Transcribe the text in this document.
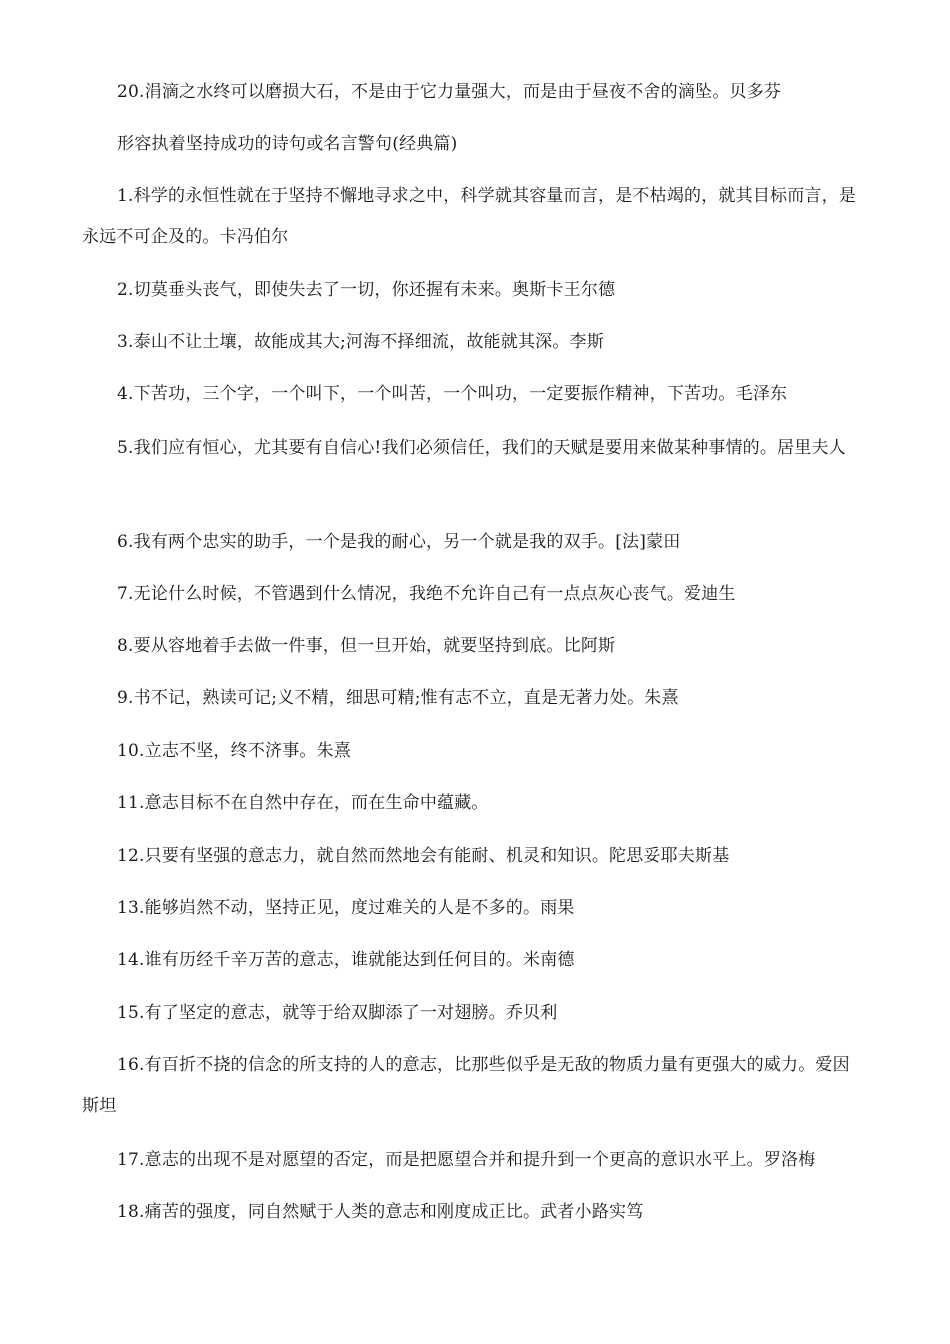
20.涓滴之水终可以磨损大石，不是由于它力量强大，而是由于昼夜不舍的滴坠。贝多芬

形容执着坚持成功的诗句或名言警句(经典篇)

1.科学的永恒性就在于坚持不懈地寻求之中，科学就其容量而言，是不枯竭的，就其目标而言，是永远不可企及的。卡冯伯尔

2.切莫垂头丧气，即使失去了一切，你还握有未来。奥斯卡王尔德

3.泰山不让土壤，故能成其大;河海不择细流，故能就其深。李斯

4.下苦功，三个字，一个叫下，一个叫苦，一个叫功，一定要振作精神，下苦功。毛泽东

5.我们应有恒心，尤其要有自信心!我们必须信任，我们的天赋是要用来做某种事情的。居里夫人

6.我有两个忠实的助手，一个是我的耐心，另一个就是我的双手。[法]蒙田

7.无论什么时候，不管遇到什么情况，我绝不允许自己有一点点灰心丧气。爱迪生

8.要从容地着手去做一件事，但一旦开始，就要坚持到底。比阿斯

9.书不记，熟读可记;义不精，细思可精;惟有志不立，直是无著力处。朱熹

10.立志不坚，终不济事。朱熹

11.意志目标不在自然中存在，而在生命中蕴藏。

12.只要有坚强的意志力，就自然而然地会有能耐、机灵和知识。陀思妥耶夫斯基

13.能够岿然不动，坚持正见，度过难关的人是不多的。雨果

14.谁有历经千辛万苦的意志，谁就能达到任何目的。米南德

15.有了坚定的意志，就等于给双脚添了一对翅膀。乔贝利

16.有百折不挠的信念的所支持的人的意志，比那些似乎是无敌的物质力量有更强大的威力。爱因斯坦

17.意志的出现不是对愿望的否定，而是把愿望合并和提升到一个更高的意识水平上。罗洛梅

18.痛苦的强度，同自然赋于人类的意志和刚度成正比。武者小路实笃
